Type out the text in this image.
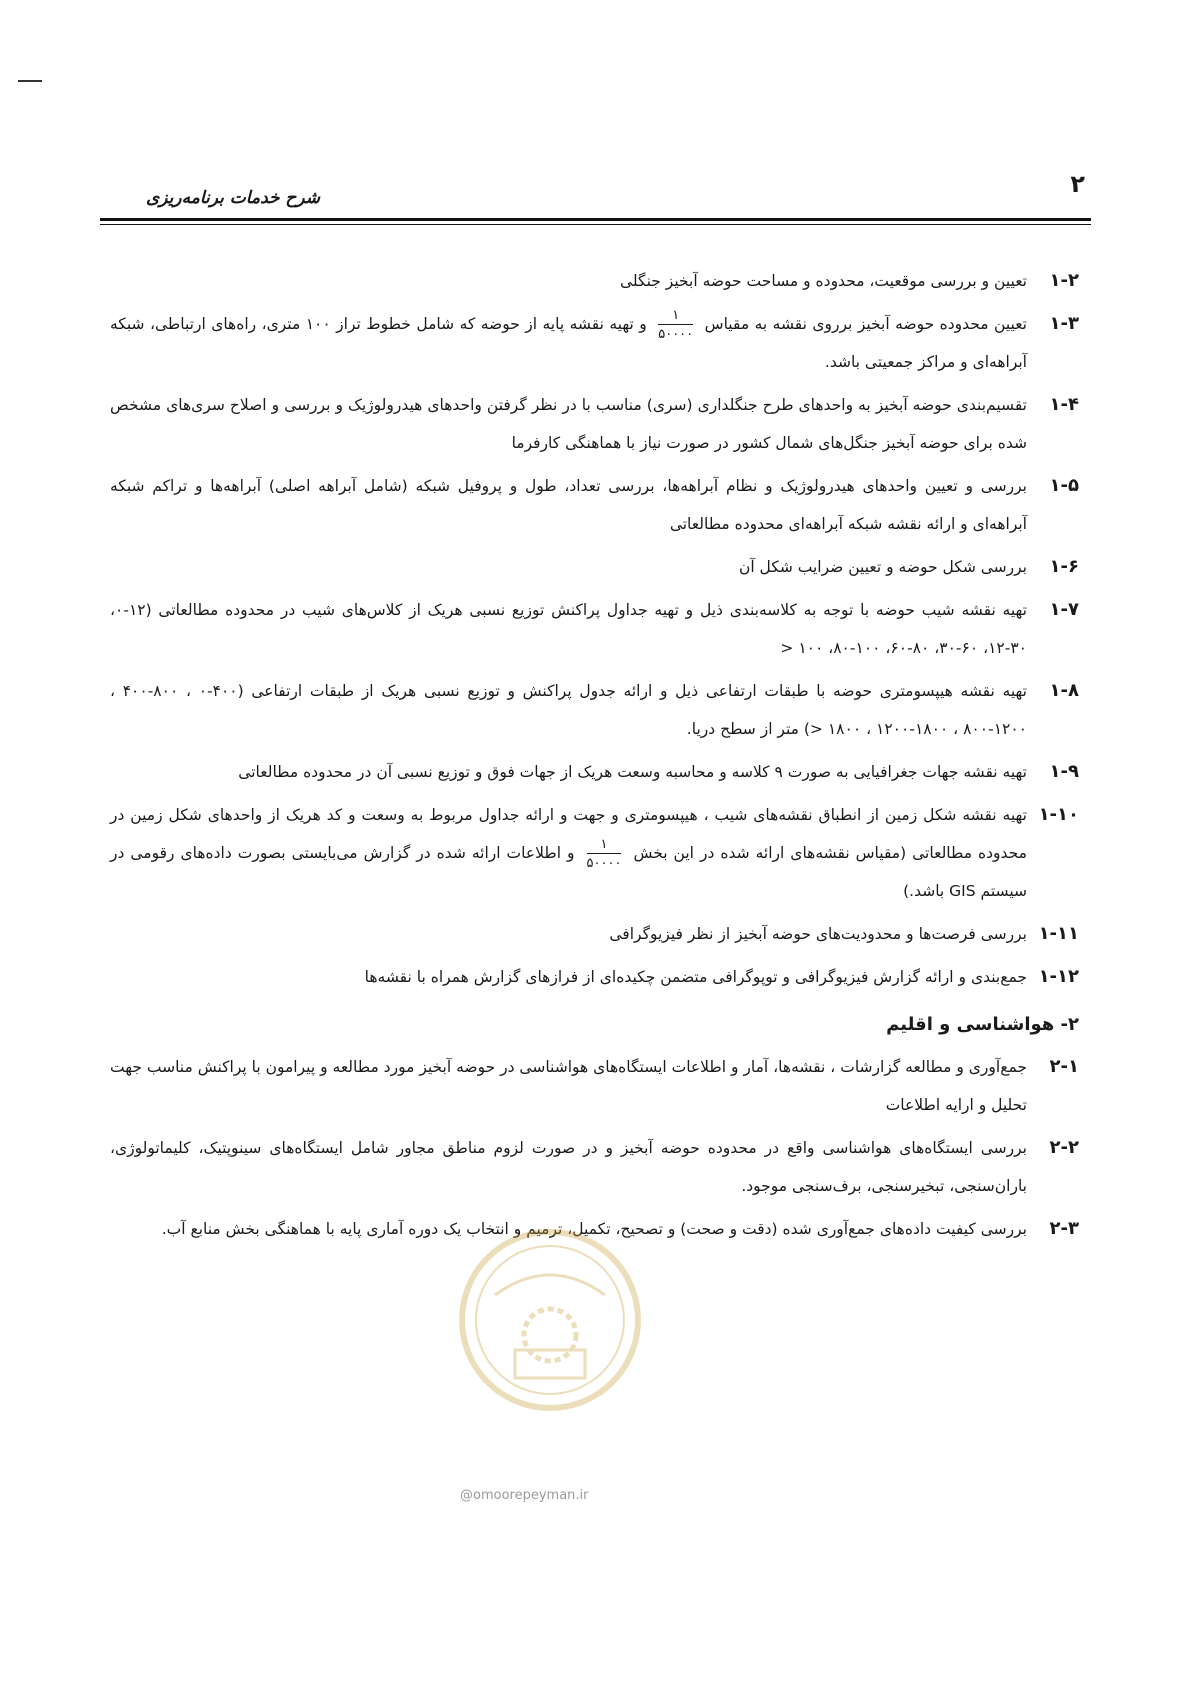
۲
شرح خدمات برنامه‌ریزی
۱-۲
تعیین و بررسی موقعیت، محدوده و مساحت حوضه آبخیز جنگلی
۱-۳
تعیین محدوده حوضه آبخیز برروی نقشه به مقیاس
$\frac{۱}{۵۰۰۰۰}$
و تهیه نقشه پایه از حوضه که شامل خطوط تراز ۱۰۰ متری، راه‌های ارتباطی، شبکه آبراهه‌ای و مراکز جمعیتی باشد.
۱-۴
تقسیم‌بندی حوضه آبخیز به واحدهای طرح جنگلداری (سری) مناسب با در نظر گرفتن واحدهای هیدرولوژیک و بررسی و اصلاح سری‌های مشخص شده برای حوضه آبخیز جنگل‌های شمال کشور در صورت نیاز با هماهنگی کارفرما
۱-۵
بررسی و تعیین واحدهای هیدرولوژیک و نظام آبراهه‌ها، بررسی تعداد، طول و پروفیل شبکه (شامل آبراهه اصلی) آبراهه‌ها و تراکم شبکه آبراهه‌ای و ارائه نقشه شبکه آبراهه‌ای محدوده مطالعاتی
۱-۶
بررسی شکل حوضه و تعیین ضرایب شکل آن
۱-۷
تهیه نقشه شیب حوضه با توجه به کلاسه‌بندی ذیل و تهیه جداول پراکنش توزیع نسبی هریک از کلاس‌های شیب در محدوده مطالعاتی (۱۲-۰، ۳۰-۱۲، ۶۰-۳۰، ۸۰-۶۰، ۱۰۰-۸۰، ۱۰۰ <
۱-۸
تهیه نقشه هیپسومتری حوضه با طبقات ارتفاعی ذیل و ارائه جدول پراکنش و توزیع نسبی هریک از طبقات ارتفاعی (۴۰۰-۰ ، ۸۰۰-۴۰۰ ، ۱۲۰۰-۸۰۰ ، ۱۸۰۰-۱۲۰۰ ، ۱۸۰۰ <) متر از سطح دریا.
۱-۹
تهیه نقشه جهات جغرافیایی به صورت ۹ کلاسه و محاسبه وسعت هریک از جهات فوق و توزیع نسبی آن در محدوده مطالعاتی
۱-۱۰
تهیه نقشه شکل زمین از انطباق نقشه‌های شیب ، هیپسومتری و جهت و ارائه جداول مربوط به وسعت و کد هریک از واحدهای شکل زمین در محدوده مطالعاتی (مقیاس نقشه‌های ارائه شده در این بخش
$\frac{۱}{۵۰۰۰۰}$
و اطلاعات ارائه شده در گزارش می‌بایستی بصورت داده‌های رقومی در سیستم GIS باشد.)
۱-۱۱
بررسی فرصت‌ها و محدودیت‌های حوضه آبخیز از نظر فیزیوگرافی
۱-۱۲
جمع‌بندی و ارائه گزارش فیزیوگرافی و توپوگرافی متضمن چکیده‌ای از فرازهای گزارش همراه با نقشه‌ها
۲- هواشناسی و اقلیم
۲-۱
جمع‌آوری و مطالعه گزارشات ، نقشه‌ها، آمار و اطلاعات ایستگاه‌های هواشناسی در حوضه آبخیز مورد مطالعه و پیرامون با پراکنش مناسب جهت تحلیل و ارایه اطلاعات
۲-۲
بررسی ایستگاه‌های هواشناسی واقع در محدوده حوضه آبخیز و در صورت لزوم مناطق مجاور شامل ایستگاه‌های سینوپتیک، کلیماتولوژی، باران‌سنجی، تبخیرسنجی، برف‌سنجی موجود.
۲-۳
بررسی کیفیت داده‌های جمع‌آوری شده (دقت و صحت) و تصحیح، تکمیل، ترمیم و انتخاب یک دوره آماری پایه با هماهنگی بخش منابع آب.
@omoorepeyman.ir
